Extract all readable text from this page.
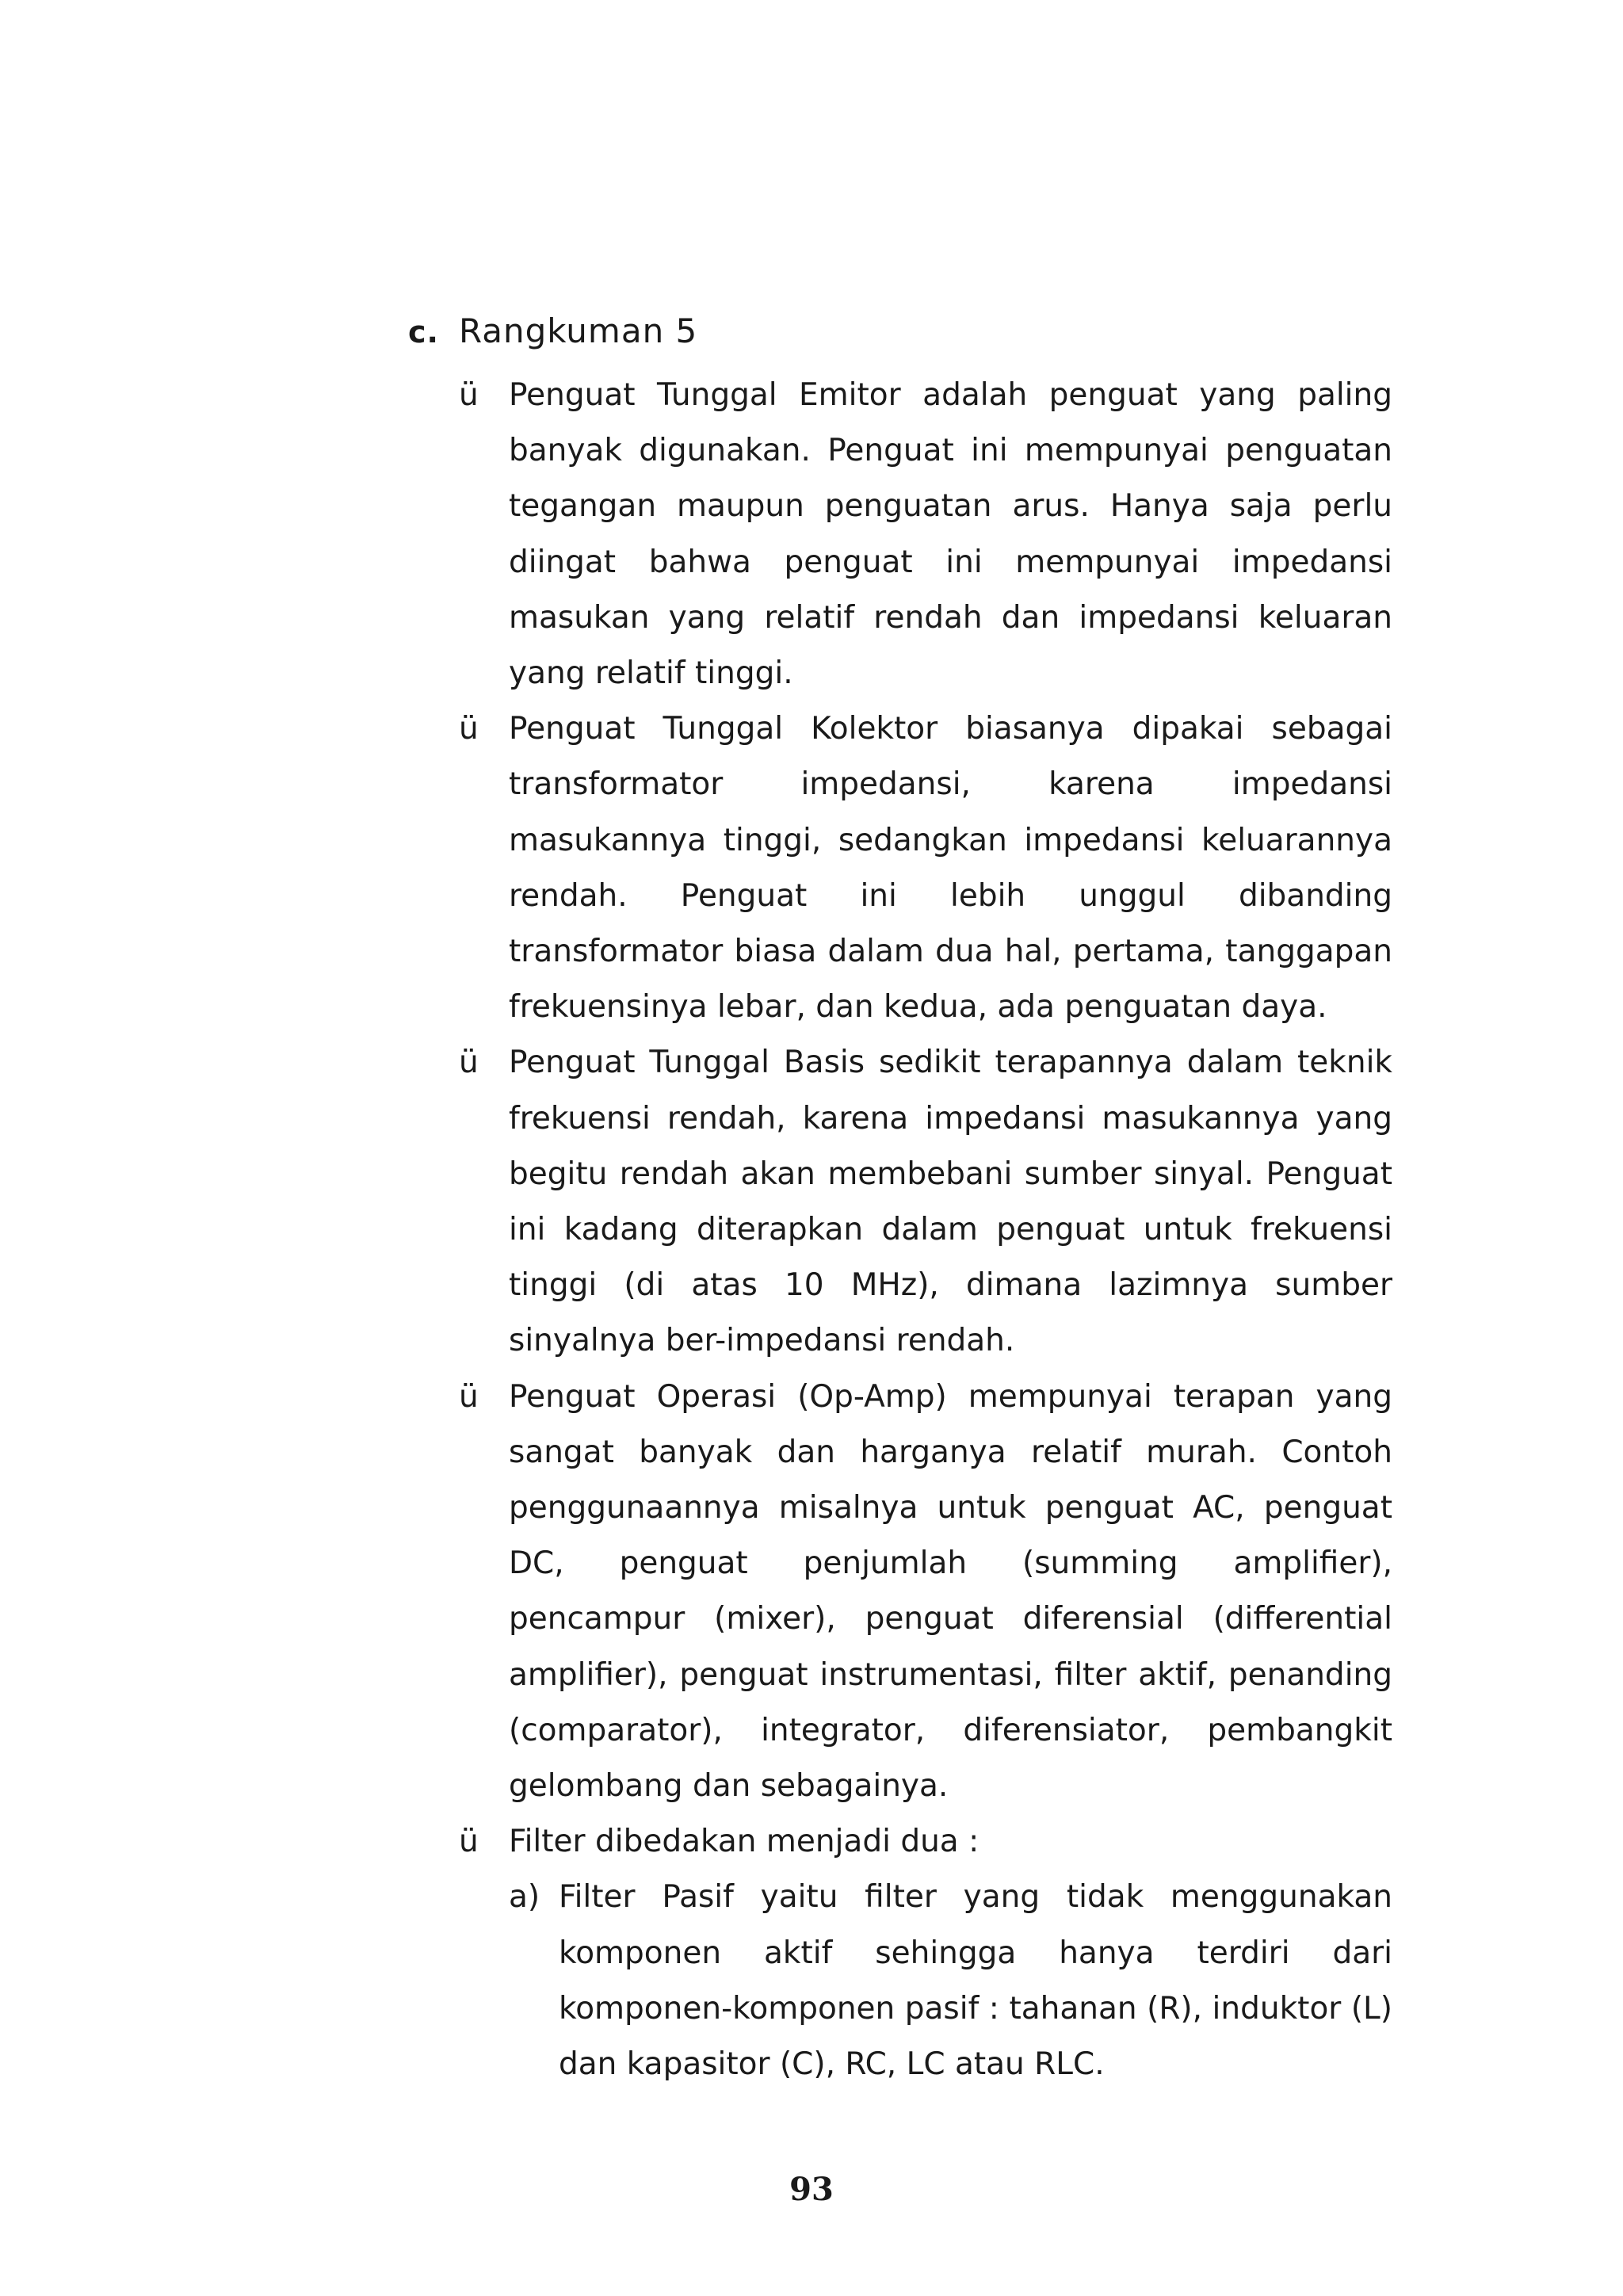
c. Rangkuman 5
ü Penguat Tunggal Emitor adalah penguat yang paling banyak digunakan. Penguat ini mempunyai penguatan tegangan maupun penguatan arus. Hanya saja perlu diingat bahwa penguat ini mempunyai impedansi masukan yang relatif rendah dan impedansi keluaran yang relatif tinggi.
ü Penguat Tunggal Kolektor biasanya dipakai sebagai transformator impedansi, karena impedansi masukannya tinggi, sedangkan impedansi keluarannya rendah. Penguat ini lebih unggul dibanding transformator biasa dalam dua hal, pertama, tanggapan frekuensinya lebar, dan kedua, ada penguatan daya.
ü Penguat Tunggal Basis sedikit terapannya dalam teknik frekuensi rendah, karena impedansi masukannya yang begitu rendah akan membebani sumber sinyal. Penguat ini kadang diterapkan dalam penguat untuk frekuensi tinggi (di atas 10 MHz), dimana lazimnya sumber sinyalnya ber-impedansi rendah.
ü Penguat Operasi (Op-Amp) mempunyai terapan yang sangat banyak dan harganya relatif murah. Contoh penggunaannya misalnya untuk penguat AC, penguat DC, penguat penjumlah (summing amplifier), pencampur (mixer), penguat diferensial (differential amplifier), penguat instrumentasi, filter aktif, penanding (comparator), integrator, diferensiator, pembangkit gelombang dan sebagainya.
ü Filter dibedakan menjadi dua :
a) Filter Pasif yaitu filter yang tidak menggunakan komponen aktif sehingga hanya terdiri dari komponen-komponen pasif : tahanan (R), induktor (L) dan kapasitor (C), RC, LC atau RLC.
93
